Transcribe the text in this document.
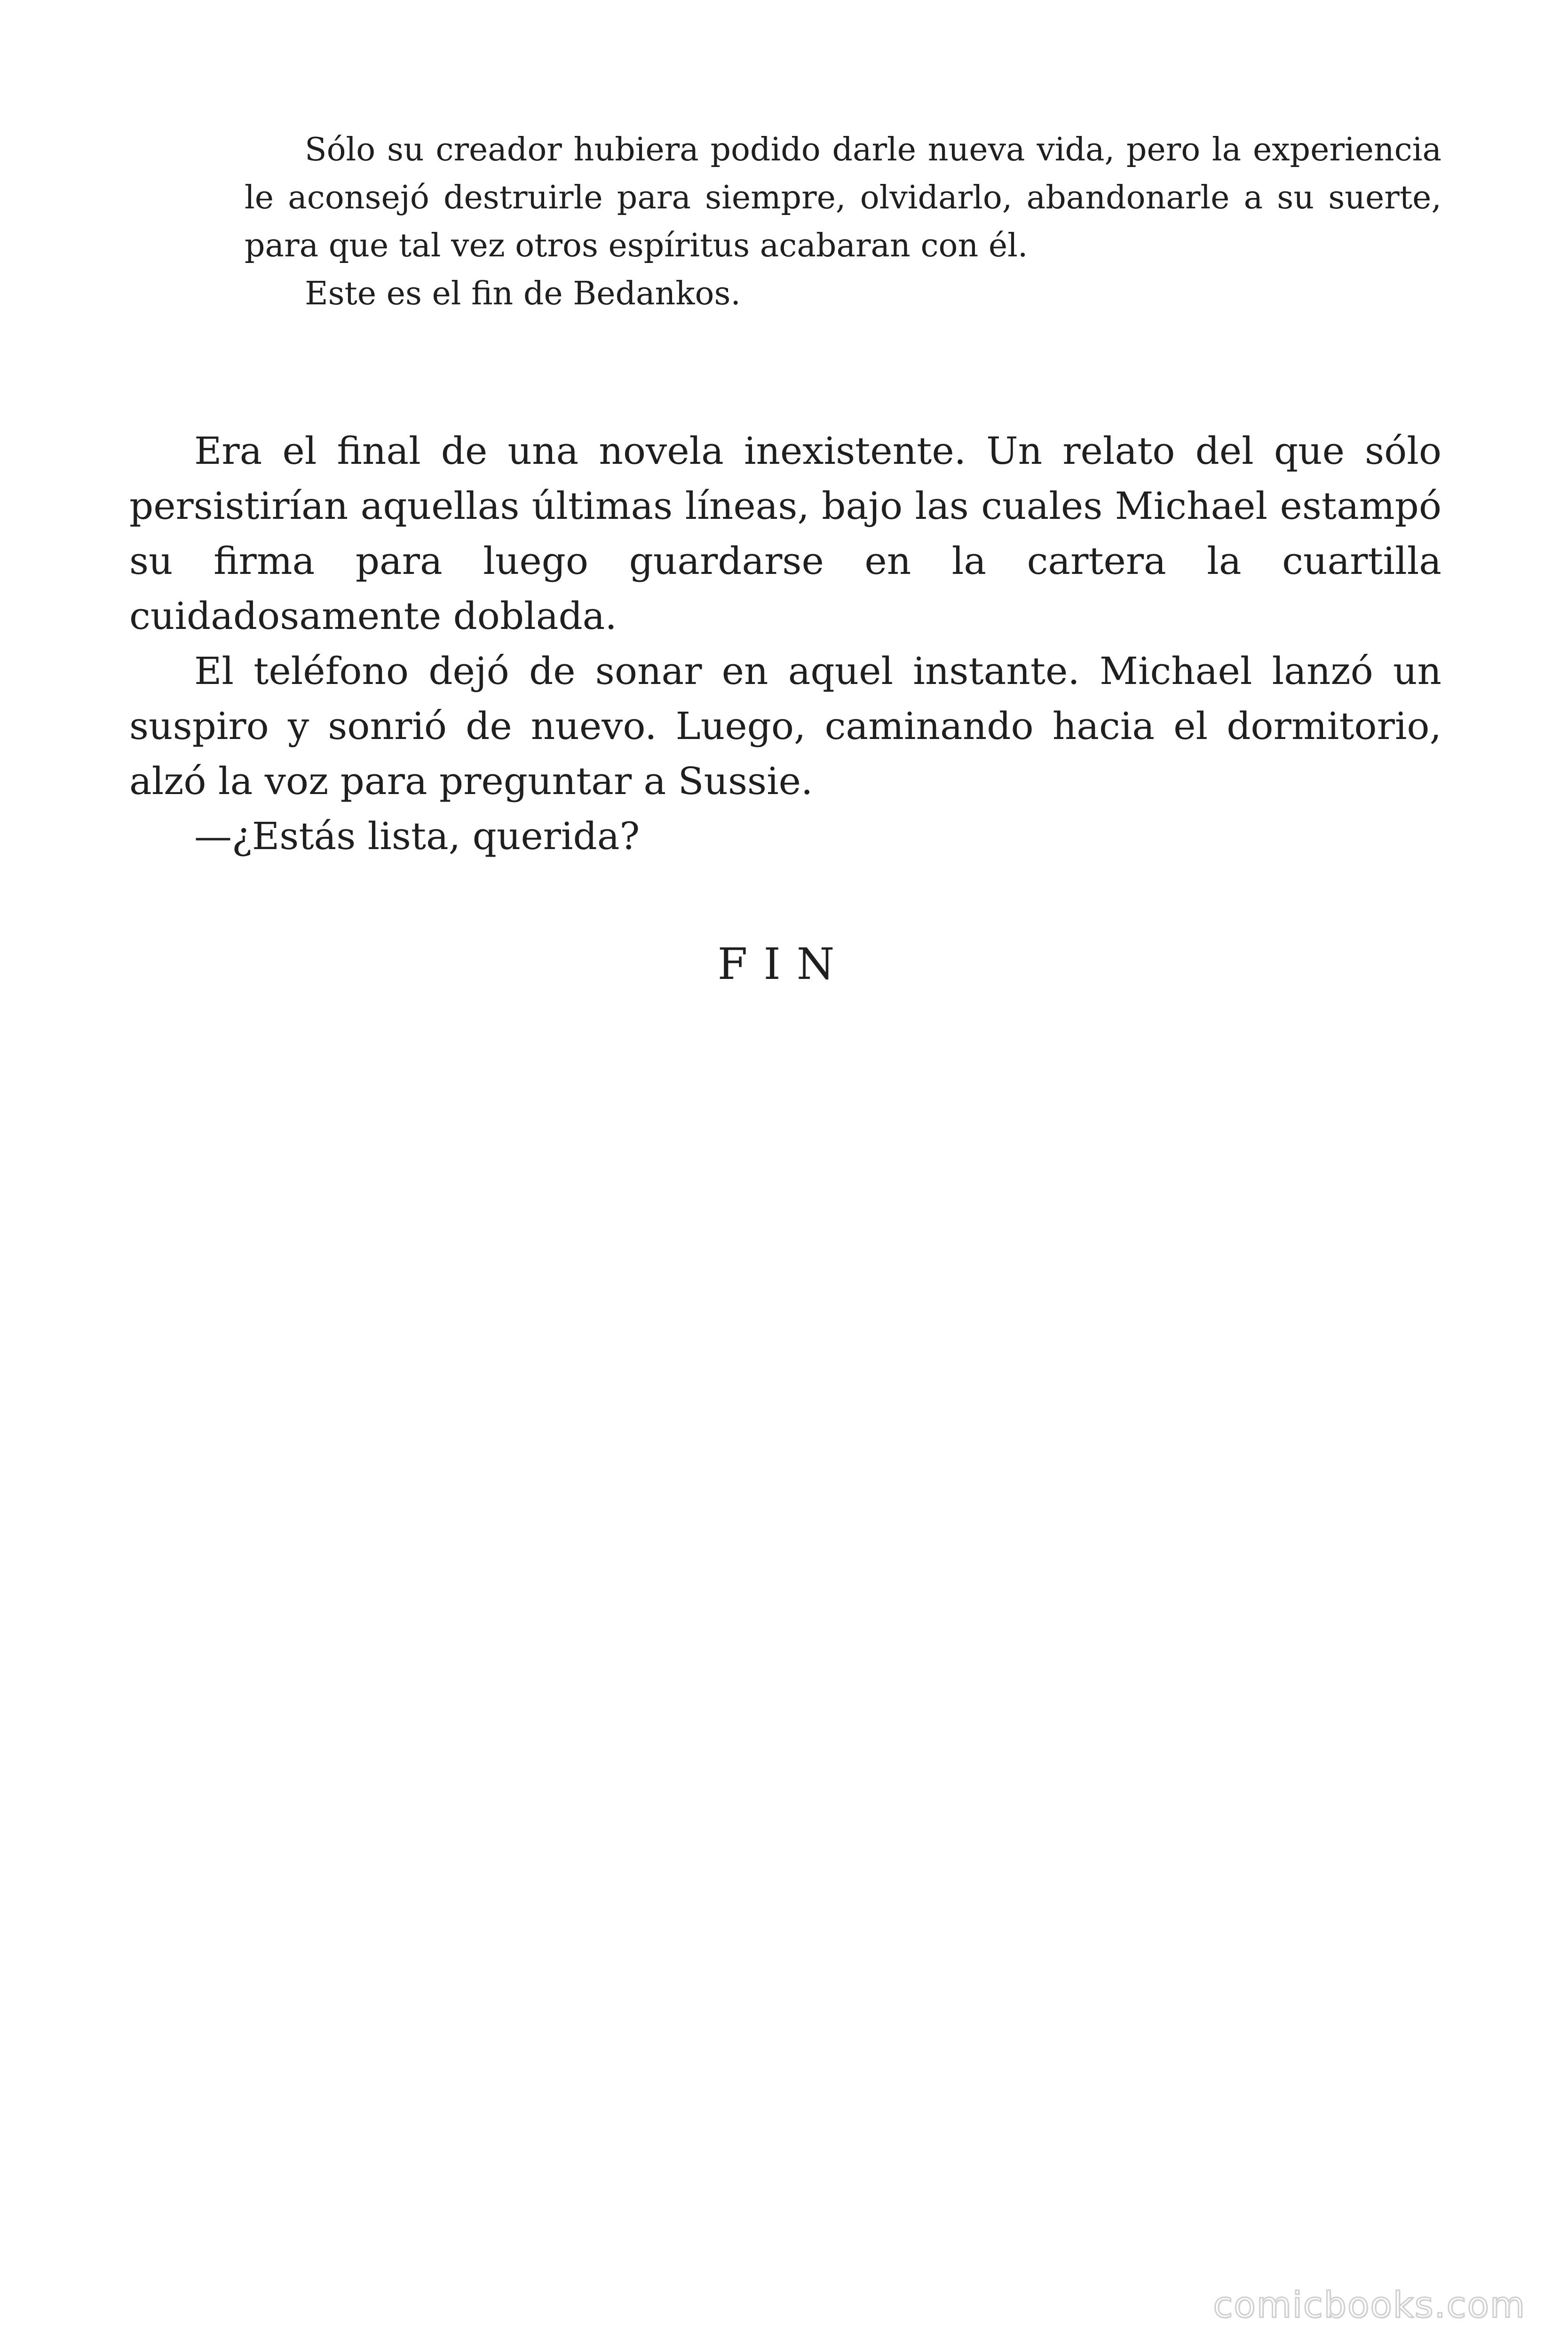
Sólo su creador hubiera podido darle nueva vida, pero la experiencia le aconsejó destruirle para siempre, olvidarlo, abandonarle a su suerte, para que tal vez otros espíritus acabaran con él.

Este es el fin de Bedankos.

Era el final de una novela inexistente. Un relato del que sólo persistirían aquellas últimas líneas, bajo las cuales Michael estampó su firma para luego guardarse en la cartera la cuartilla cuidadosamente doblada.

El teléfono dejó de sonar en aquel instante. Michael lanzó un suspiro y sonrió de nuevo. Luego, caminando hacia el dormitorio, alzó la voz para preguntar a Sussie.

—¿Estás lista, querida?

FIN
comicbooks.com
